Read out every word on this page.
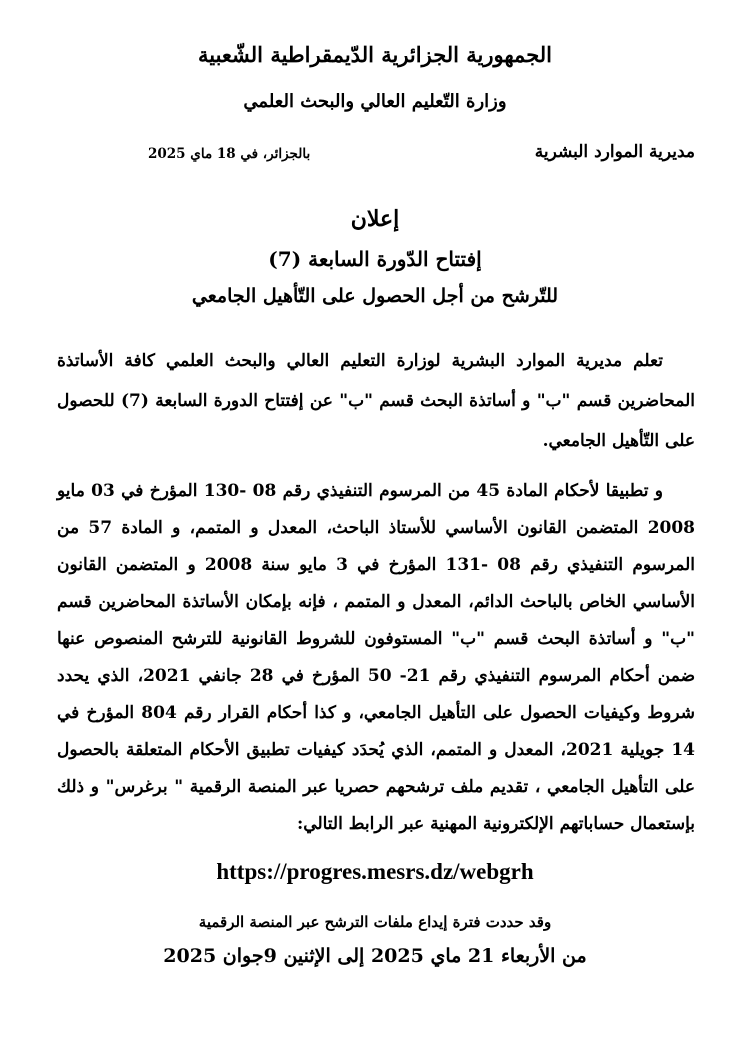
الجمهورية الجزائرية الدّيمقراطية الشّعبية
وزارة التّعليم العالي والبحث العلمي
مديرية الموارد البشرية
بالجزائر، في 18 ماي 2025
إعلان
إفتتاح الدّورة السابعة (7)
للتّرشح من أجل الحصول على التّأهيل الجامعي

تعلم مديرية الموارد البشرية لوزارة التعليم العالي والبحث العلمي كافة الأساتذة المحاضرين قسم "ب" و أساتذة البحث قسم "ب" عن إفتتاح الدورة السابعة (7) للحصول على التّأهيل الجامعي.

و تطبيقا لأحكام المادة 45 من المرسوم التنفيذي رقم 08 -130 المؤرخ في 03 مايو 2008 المتضمن القانون الأساسي للأستاذ الباحث، المعدل و المتمم، و المادة 57 من المرسوم التنفيذي رقم 08 -131 المؤرخ في 3 مايو سنة 2008 و المتضمن القانون الأساسي الخاص بالباحث الدائم، المعدل و المتمم ، فإنه بإمكان الأساتذة المحاضرين قسم "ب" و أساتذة البحث قسم "ب" المستوفون للشروط القانونية للترشح المنصوص عنها ضمن أحكام المرسوم التنفيذي رقم 21- 50 المؤرخ في 28 جانفي 2021، الذي يحدد شروط وكيفيات الحصول على التأهيل الجامعي، و كذا أحكام القرار رقم 804 المؤرخ في 14 جويلية 2021، المعدل و المتمم، الذي يُحدَد كيفيات تطبيق الأحكام المتعلقة بالحصول على التأهيل الجامعي ، تقديم ملف ترشحهم حصريا عبر المنصة الرقمية " برغرس" و ذلك بإستعمال حساباتهم الإلكترونية المهنية عبر الرابط التالي:

https://progres.mesrs.dz/webgrh
وقد حددت فترة إيداع ملفات الترشح عبر المنصة الرقمية
من الأربعاء 21 ماي 2025 إلى الإثنين 9جوان 2025
